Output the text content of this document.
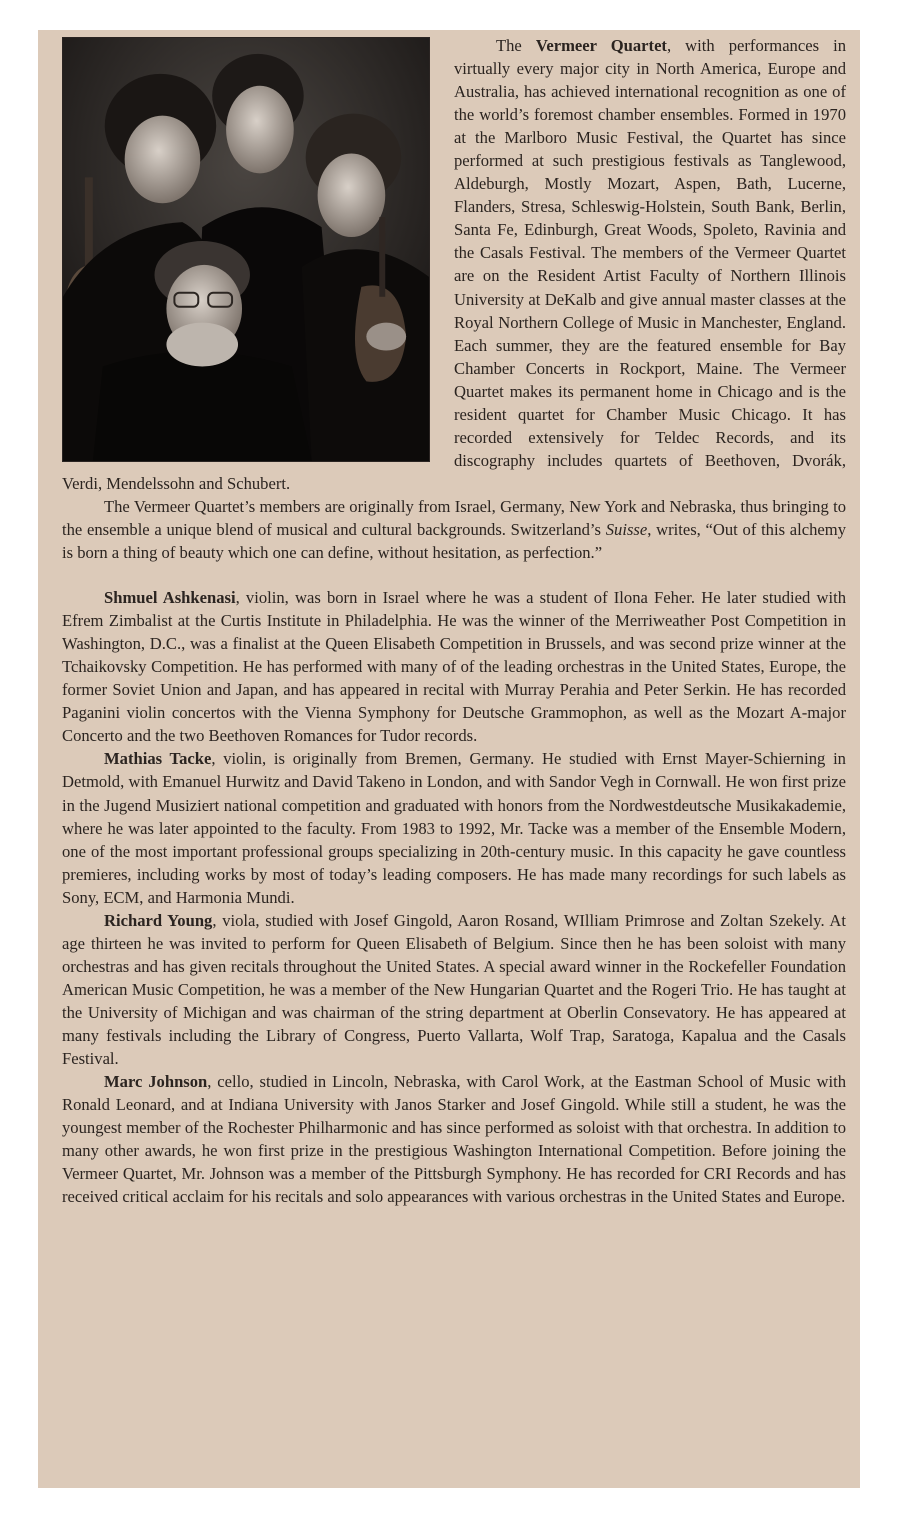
The Vermeer Quartet, with performances in virtually every major city in North America, Europe and Australia, has achieved international recognition as one of the world’s foremost chamber ensembles. Formed in 1970 at the Marlboro Music Festival, the Quartet has since performed at such prestigious festivals as Tanglewood, Aldeburgh, Mostly Mozart, Aspen, Bath, Lucerne, Flanders, Stresa, Schleswig-Holstein, South Bank, Berlin, Santa Fe, Edinburgh, Great Woods, Spoleto, Ravinia and the Casals Festival. The members of the Vermeer Quartet are on the Resident Artist Faculty of Northern Illinois University at DeKalb and give annual master classes at the Royal Northern College of Music in Manchester, England. Each summer, they are the featured ensemble for Bay Chamber Concerts in Rockport, Maine. The Vermeer Quartet makes its permanent home in Chicago and is the resident quartet for Chamber Music Chicago. It has recorded extensively for Teldec Records, and its discography includes quartets of Beethoven, Dvorák, Verdi, Mendelssohn and Schubert.

The Vermeer Quartet’s members are originally from Israel, Germany, New York and Nebraska, thus bringing to the ensemble a unique blend of musical and cultural backgrounds. Switzerland’s Suisse, writes, “Out of this alchemy is born a thing of beauty which one can define, without hesitation, as perfection.”

Shmuel Ashkenasi, violin, was born in Israel where he was a student of Ilona Feher. He later studied with Efrem Zimbalist at the Curtis Institute in Philadelphia. He was the winner of the Merriweather Post Competition in Washington, D.C., was a finalist at the Queen Elisabeth Competition in Brussels, and was second prize winner at the Tchaikovsky Competition. He has performed with many of of the leading orchestras in the United States, Europe, the former Soviet Union and Japan, and has appeared in recital with Murray Perahia and Peter Serkin. He has recorded Paganini violin concertos with the Vienna Symphony for Deutsche Grammophon, as well as the Mozart A-major Concerto and the two Beethoven Romances for Tudor records.

Mathias Tacke, violin, is originally from Bremen, Germany. He studied with Ernst Mayer-Schierning in Detmold, with Emanuel Hurwitz and David Takeno in London, and with Sandor Vegh in Cornwall. He won first prize in the Jugend Musiziert national competition and graduated with honors from the Nordwestdeutsche Musikakademie, where he was later appointed to the faculty. From 1983 to 1992, Mr. Tacke was a member of the Ensemble Modern, one of the most important professional groups specializing in 20th-century music. In this capacity he gave countless premieres, including works by most of today’s leading composers. He has made many recordings for such labels as Sony, ECM, and Harmonia Mundi.

Richard Young, viola, studied with Josef Gingold, Aaron Rosand, WIlliam Primrose and Zoltan Szekely. At age thirteen he was invited to perform for Queen Elisabeth of Belgium. Since then he has been soloist with many orchestras and has given recitals throughout the United States. A special award winner in the Rockefeller Foundation American Music Competition, he was a member of the New Hungarian Quartet and the Rogeri Trio. He has taught at the University of Michigan and was chairman of the string department at Oberlin Consevatory. He has appeared at many festivals including the Library of Congress, Puerto Vallarta, Wolf Trap, Saratoga, Kapalua and the Casals Festival.

Marc Johnson, cello, studied in Lincoln, Nebraska, with Carol Work, at the Eastman School of Music with Ronald Leonard, and at Indiana University with Janos Starker and Josef Gingold. While still a student, he was the youngest member of the Rochester Philharmonic and has since performed as soloist with that orchestra. In addition to many other awards, he won first prize in the prestigious Washington International Competition. Before joining the Vermeer Quartet, Mr. Johnson was a member of the Pittsburgh Symphony. He has recorded for CRI Records and has received critical acclaim for his recitals and solo appearances with various orchestras in the United States and Europe.
